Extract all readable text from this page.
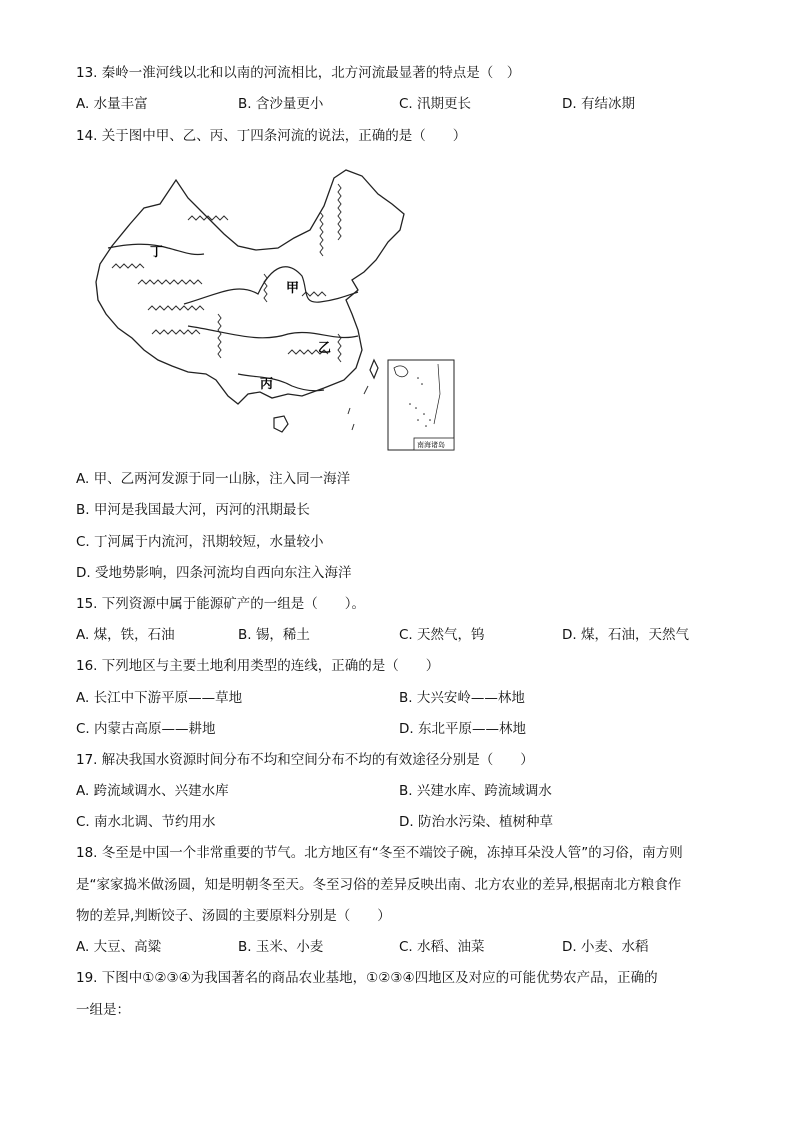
13. 秦岭一淮河线以北和以南的河流相比，北方河流最显著的特点是（　）
A. 水量丰富	B. 含沙量更小	C. 汛期更长	D. 有结冰期
14. 关于图中甲、乙、丙、丁四条河流的说法，正确的是（　　）
丁
甲
乙
丙
南海诸岛
A. 甲、乙两河发源于同一山脉，注入同一海洋
B. 甲河是我国最大河，丙河的汛期最长
C. 丁河属于内流河，汛期较短，水量较小
D. 受地势影响，四条河流均自西向东注入海洋
15. 下列资源中属于能源矿产的一组是（　　）。
A. 煤，铁，石油	B. 锡，稀土	C. 天然气，钨	D. 煤，石油，天然气
16. 下列地区与主要土地利用类型的连线，正确的是（　　）
A. 长江中下游平原——草地	B. 大兴安岭——林地
C. 内蒙古高原——耕地	D. 东北平原——林地
17. 解决我国水资源时间分布不均和空间分布不均的有效途径分别是（　　）
A. 跨流域调水、兴建水库	B. 兴建水库、跨流域调水
C. 南水北调、节约用水	D. 防治水污染、植树种草
18. 冬至是中国一个非常重要的节气。北方地区有“冬至不端饺子碗，冻掉耳朵没人管”的习俗，南方则
是“家家捣米做汤圆，知是明朝冬至天。冬至习俗的差异反映出南、北方农业的差异,根据南北方粮食作
物的差异,判断饺子、汤圆的主要原料分别是（　　）
A. 大豆、高粱	B. 玉米、小麦	C. 水稻、油菜	D. 小麦、水稻
19. 下图中①②③④为我国著名的商品农业基地，①②③④四地区及对应的可能优势农产品，正确的
一组是：
